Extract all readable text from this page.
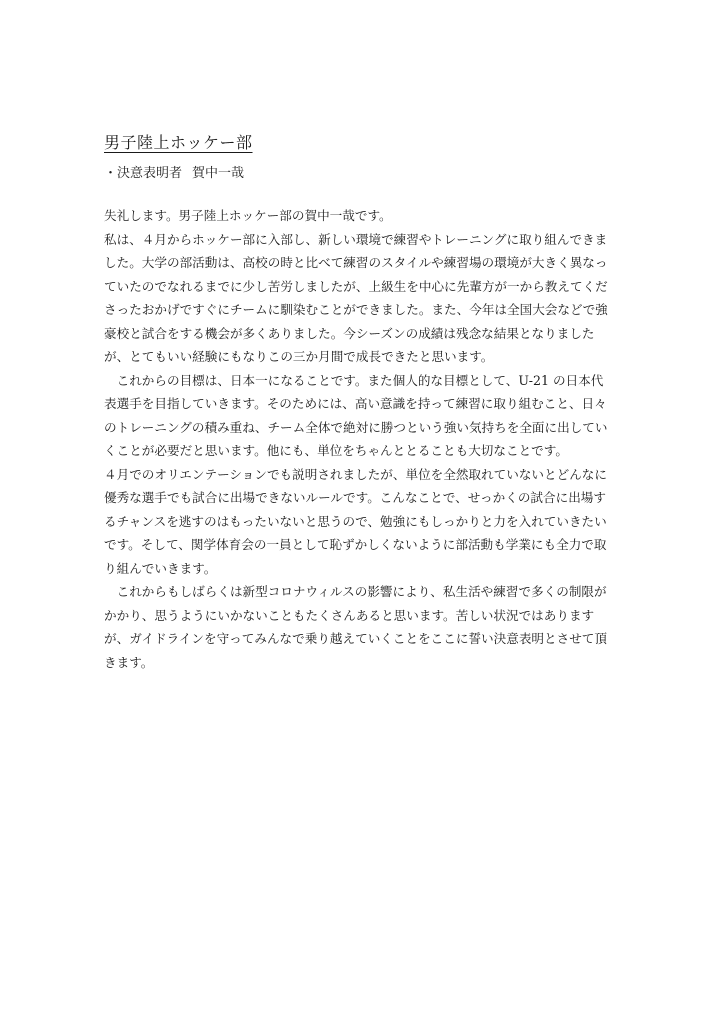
男子陸上ホッケー部

・決意表明者 賀中一哉

失礼します。男子陸上ホッケー部の賀中一哉です。

私は、４月からホッケー部に入部し、新しい環境で練習やトレーニングに取り組んできま

した。大学の部活動は、高校の時と比べて練習のスタイルや練習場の環境が大きく異なっ

ていたのでなれるまでに少し苦労しましたが、上級生を中心に先輩方が一から教えてくだ

さったおかげですぐにチームに馴染むことができました。また、今年は全国大会などで強

豪校と試合をする機会が多くありました。今シーズンの成績は残念な結果となりました

が、とてもいい経験にもなりこの三か月間で成長できたと思います。

　これからの目標は、日本一になることです。また個人的な目標として、U-21 の日本代

表選手を目指していきます。そのためには、高い意識を持って練習に取り組むこと、日々

のトレーニングの積み重ね、チーム全体で絶対に勝つという強い気持ちを全面に出してい

くことが必要だと思います。他にも、単位をちゃんととることも大切なことです。

４月でのオリエンテーションでも説明されましたが、単位を全然取れていないとどんなに

優秀な選手でも試合に出場できないルールです。こんなことで、せっかくの試合に出場す

るチャンスを逃すのはもったいないと思うので、勉強にもしっかりと力を入れていきたい

です。そして、関学体育会の一員として恥ずかしくないように部活動も学業にも全力で取

り組んでいきます。

　これからもしばらくは新型コロナウィルスの影響により、私生活や練習で多くの制限が

かかり、思うようにいかないこともたくさんあると思います。苦しい状況ではあります

が、ガイドラインを守ってみんなで乗り越えていくことをここに誓い決意表明とさせて頂

きます。
